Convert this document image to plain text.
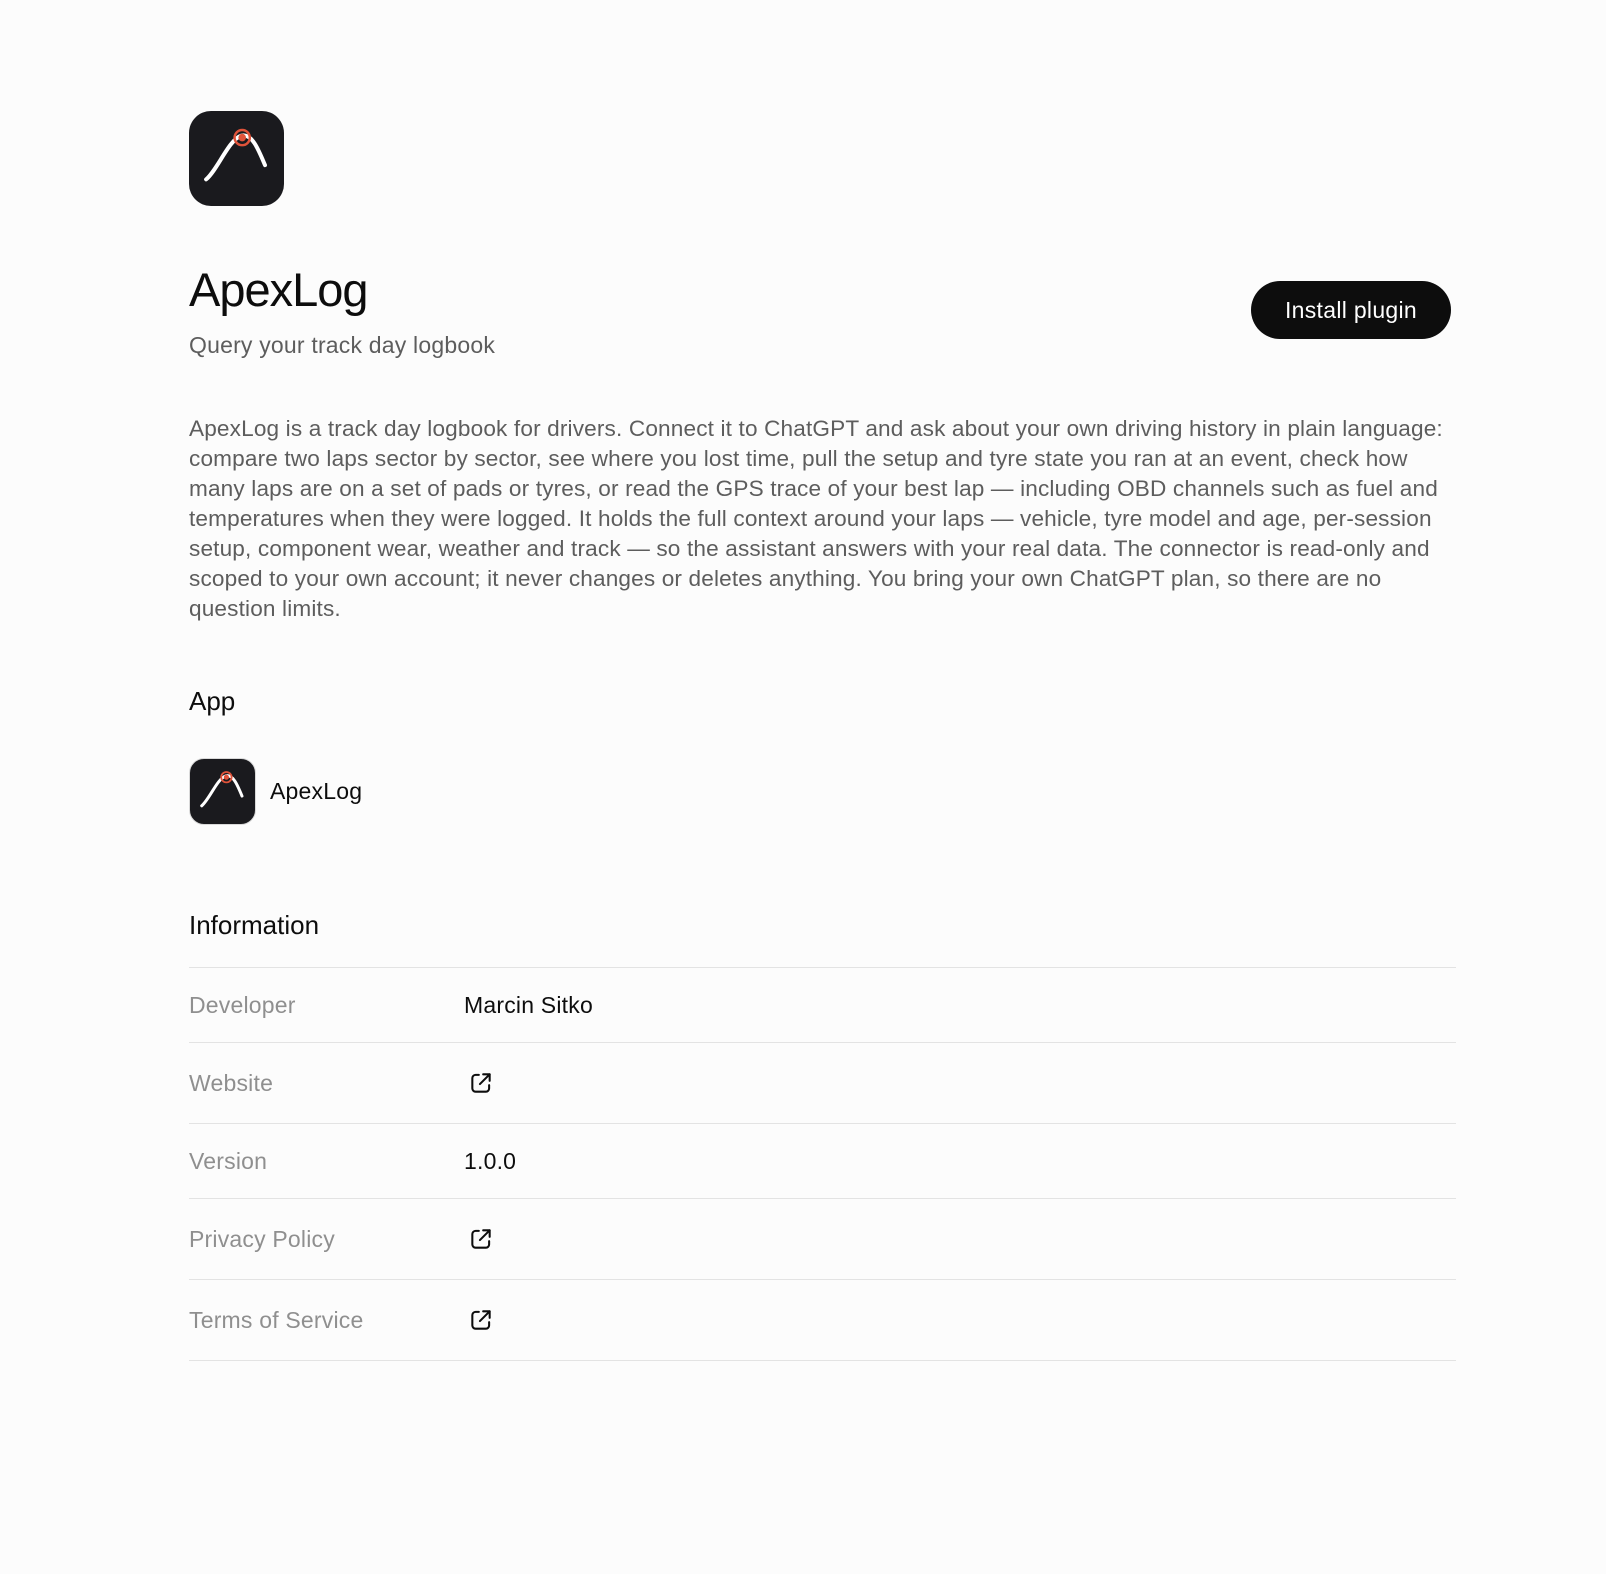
ApexLog
Query your track day logbook
Install plugin

ApexLog is a track day logbook for drivers. Connect it to ChatGPT and ask about your own driving history in plain language: compare two laps sector by sector, see where you lost time, pull the setup and tyre state you ran at an event, check how many laps are on a set of pads or tyres, or read the GPS trace of your best lap — including OBD channels such as fuel and temperatures when they were logged. It holds the full context around your laps — vehicle, tyre model and age, per-session setup, component wear, weather and track — so the assistant answers with your real data. The connector is read-only and scoped to your own account; it never changes or deletes anything. You bring your own ChatGPT plan, so there are no question limits.

App
ApexLog
Information
Developer	Marcin Sitko
Website
Version	1.0.0
Privacy Policy
Terms of Service
